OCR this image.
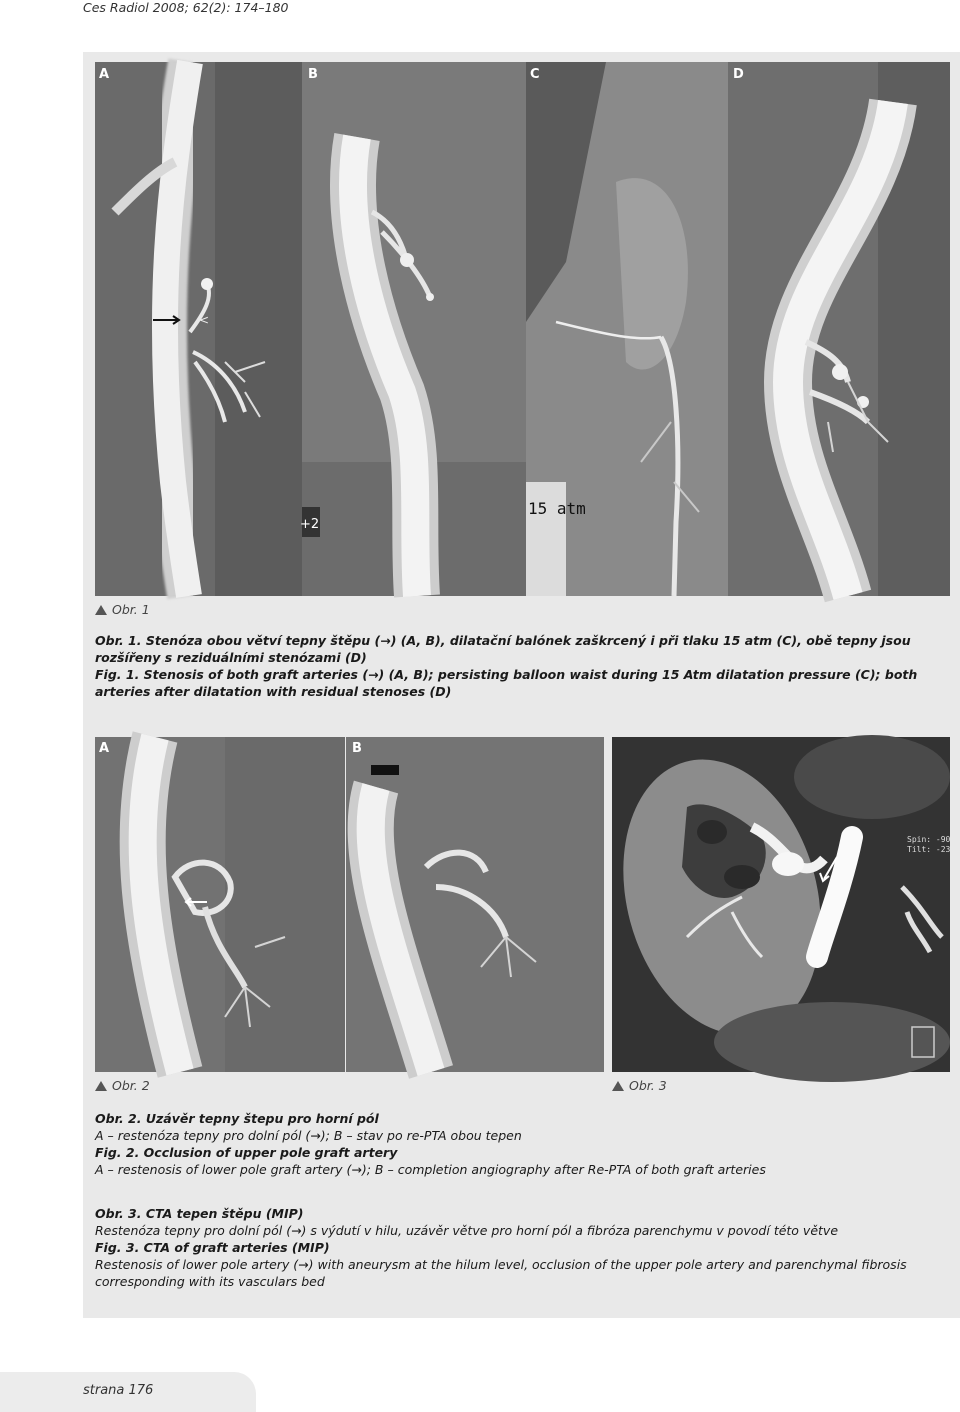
Ces Radiol 2008; 62(2): 174–180
<
A
+2
B
15 atm
C	D
Obr. 1
Obr. 1. Stenóza obou větví tepny štěpu (→) (A, B), dilatační balónek zaškrcený i při tlaku 15 atm (C), obě tepny jsou rozšířeny s reziduálními stenózami (D)
Fig. 1. Stenosis of both graft arteries (→) (A, B); persisting balloon waist during 15 Atm dilatation pressure (C); both arteries after dilatation with residual stenoses (D)
A	B
Spin: -90
Tilt: -23
Obr. 2	Obr. 3
Obr. 2. Uzávěr tepny štepu pro horní pól
A – restenóza tepny pro dolní pól (→); B – stav po re-PTA obou tepen
Fig. 2. Occlusion of upper pole graft artery
A – restenosis of lower pole graft artery (→); B – completion angiography after Re-PTA of both graft arteries
Obr. 3. CTA tepen štěpu (MIP)
Restenóza tepny pro dolní pól (→) s výdutí v hilu, uzávěr větve pro horní pól a fibróza parenchymu v povodí této větve
Fig. 3. CTA of graft arteries (MIP)
Restenosis of lower pole artery (→) with aneurysm at the hilum level, occlusion of the upper pole artery and parenchymal fibrosis corresponding with its vasculars bed
strana 176
